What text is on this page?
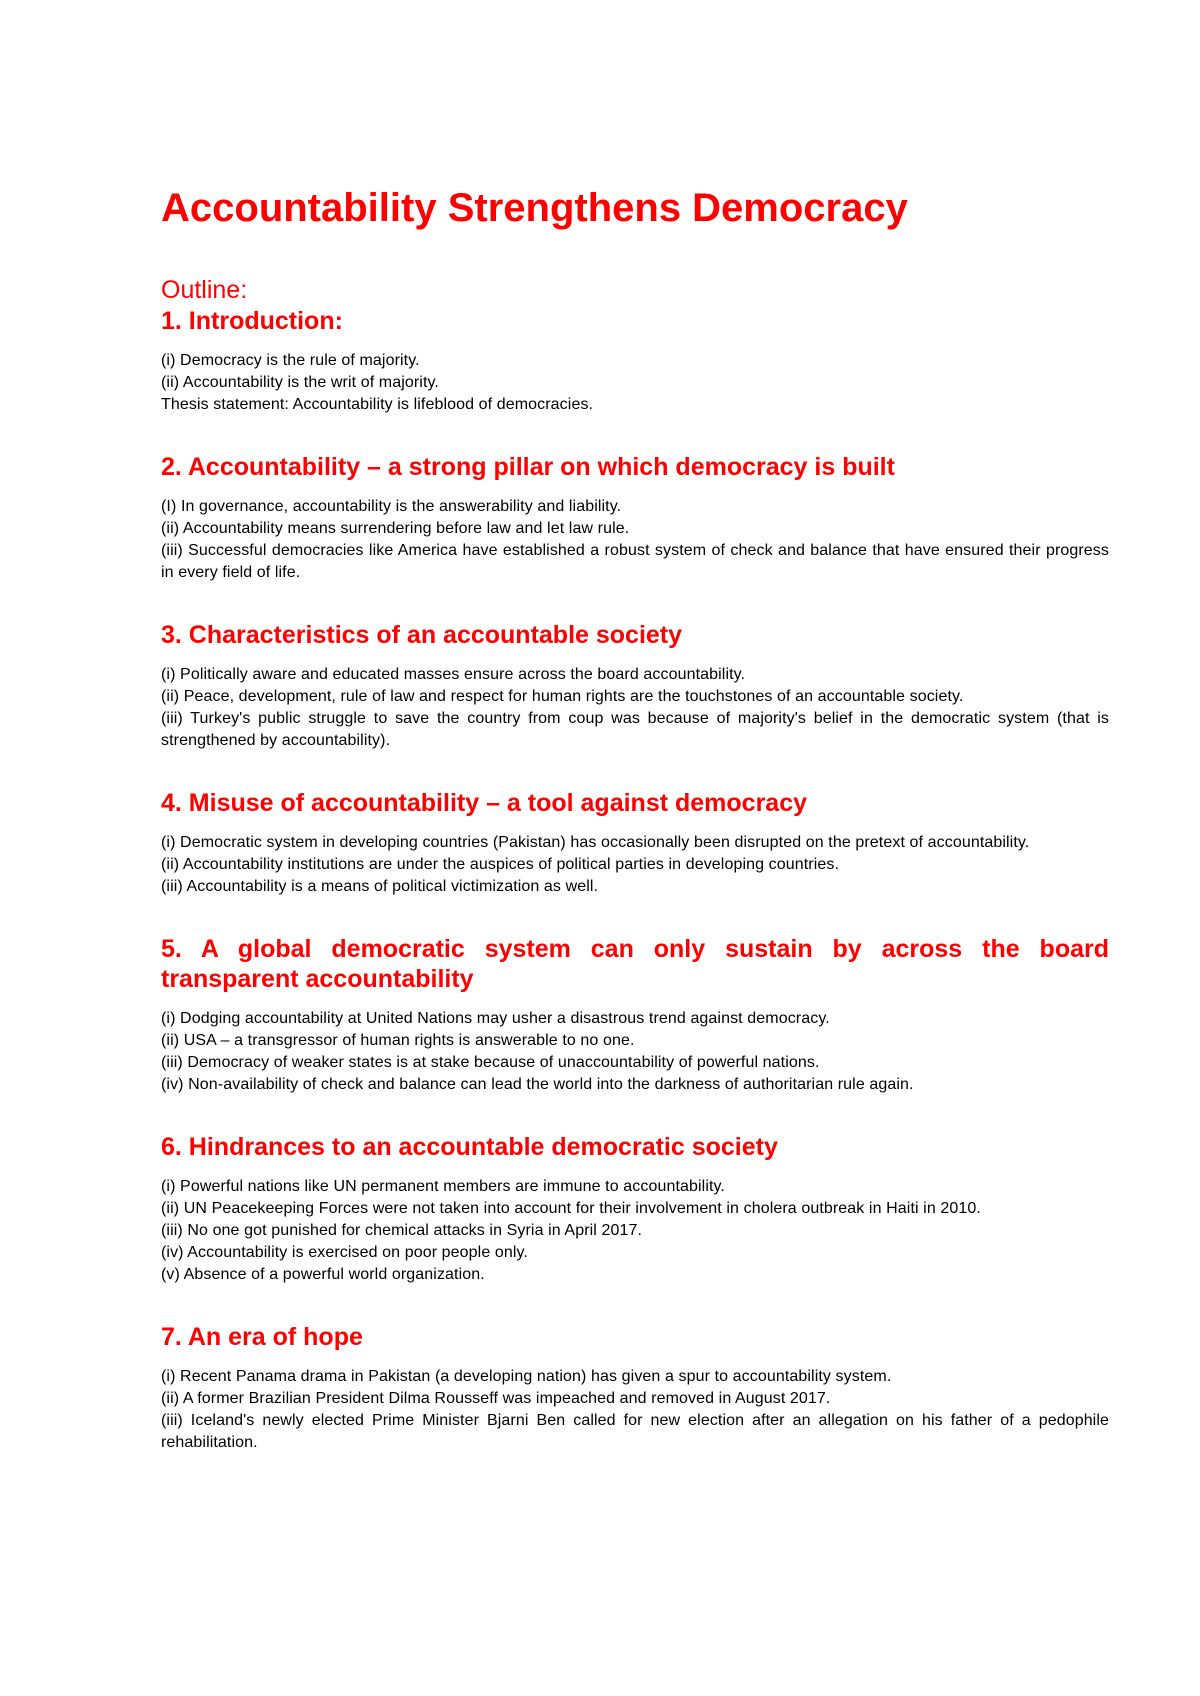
Accountability Strengthens Democracy
Outline:
1. Introduction:
(i) Democracy is the rule of majority.
(ii) Accountability is the writ of majority.
Thesis statement: Accountability is lifeblood of democracies.
2. Accountability – a strong pillar on which democracy is built
(I) In governance, accountability is the answerability and liability.
(ii) Accountability means surrendering before law and let law rule.
(iii) Successful democracies like America have established a robust system of check and balance that have ensured their progress in every field of life.
3. Characteristics of an accountable society
(i) Politically aware and educated masses ensure across the board accountability.
(ii) Peace, development, rule of law and respect for human rights are the touchstones of an accountable society.
(iii) Turkey's public struggle to save the country from coup was because of majority's belief in the democratic system (that is strengthened by accountability).
4. Misuse of accountability – a tool against democracy
(i) Democratic system in developing countries (Pakistan) has occasionally been disrupted on the pretext of accountability.
(ii) Accountability institutions are under the auspices of political parties in developing countries.
(iii) Accountability is a means of political victimization as well.
5. A global democratic system can only sustain by across the board transparent accountability
(i) Dodging accountability at United Nations may usher a disastrous trend against democracy.
(ii) USA – a transgressor of human rights is answerable to no one.
(iii) Democracy of weaker states is at stake because of unaccountability of powerful nations.
(iv) Non-availability of check and balance can lead the world into the darkness of authoritarian rule again.
6. Hindrances to an accountable democratic society
(i) Powerful nations like UN permanent members are immune to accountability.
(ii) UN Peacekeeping Forces were not taken into account for their involvement in cholera outbreak in Haiti in 2010.
(iii) No one got punished for chemical attacks in Syria in April 2017.
(iv) Accountability is exercised on poor people only.
(v) Absence of a powerful world organization.
7. An era of hope
(i) Recent Panama drama in Pakistan (a developing nation) has given a spur to accountability system.
(ii) A former Brazilian President Dilma Rousseff was impeached and removed in August 2017.
(iii) Iceland's newly elected Prime Minister Bjarni Ben called for new election after an allegation on his father of a pedophile rehabilitation.
